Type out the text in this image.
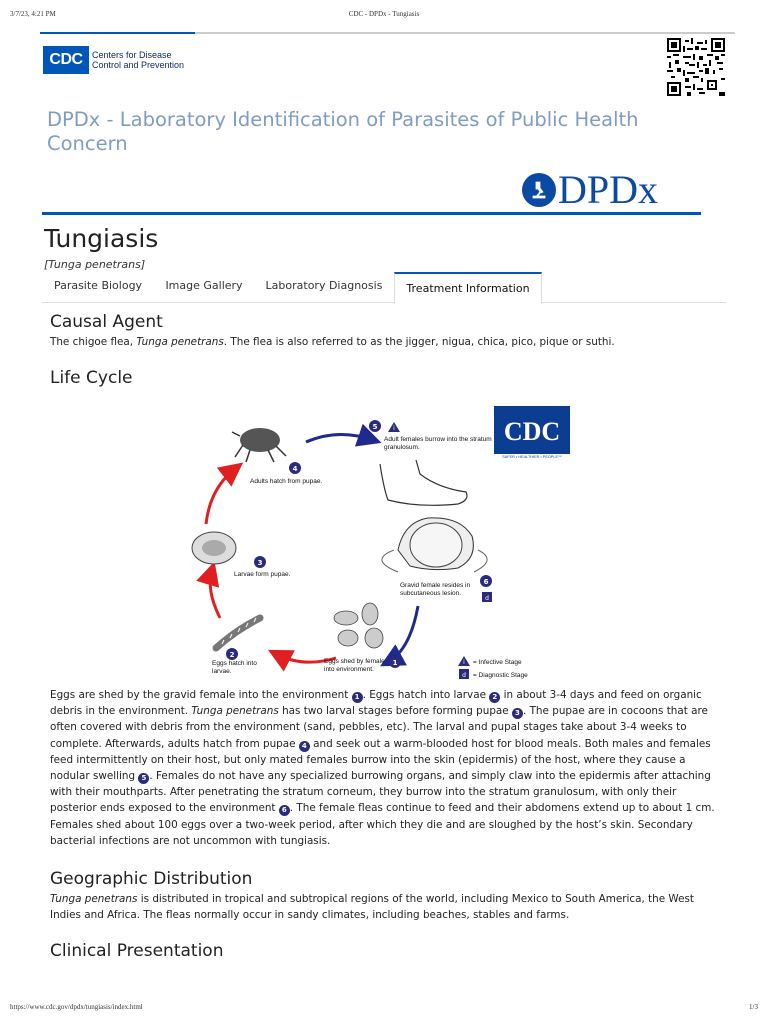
3/7/23, 4:21 PM	CDC - DPDx - Tungiasis
CDC	Centers for Disease
Control and Prevention
DPDx - Laboratory Identification of Parasites of Public Health Concern
DPDx
Tungiasis
[Tunga penetrans]
Parasite Biology	Image Gallery	Laboratory Diagnosis	Treatment Information
Causal Agent
The chigoe flea, Tunga penetrans. The flea is also referred to as the jigger, nigua, chica, pico, pique or suthi.
Life Cycle
4
Adults hatch from pupae.
5	i
Adult females burrow into the stratum granulosum.
CDC
SAFER • HEALTHIER • PEOPLE™
6
d
Gravid female resides in subcutaneous lesion.
2
Eggs hatch into larvae.
3
Larvae form pupae.
1
Eggs shed by female into environment.
i = Infective Stage
d = Diagnostic Stage
Eggs are shed by the gravid female into the environment 1 . Eggs hatch into larvae 2 in about 3-4 days and feed on organic debris in the environment. Tunga penetrans has two larval stages before forming pupae 3 . The pupae are in cocoons that are often covered with debris from the environment (sand, pebbles, etc). The larval and pupal stages take about 3-4 weeks to complete. Afterwards, adults hatch from pupae 4 and seek out a warm-blooded host for blood meals. Both males and females feed intermittently on their host, but only mated females burrow into the skin (epidermis) of the host, where they cause a nodular swelling 5 . Females do not have any specialized burrowing organs, and simply claw into the epidermis after attaching with their mouthparts. After penetrating the stratum corneum, they burrow into the stratum granulosum, with only their posterior ends exposed to the environment 6 . The female fleas continue to feed and their abdomens extend up to about 1 cm. Females shed about 100 eggs over a two-week period, after which they die and are sloughed by the host’s skin. Secondary bacterial infections are not uncommon with tungiasis.
Geographic Distribution
Tunga penetrans is distributed in tropical and subtropical regions of the world, including Mexico to South America, the West Indies and Africa. The fleas normally occur in sandy climates, including beaches, stables and farms.
Clinical Presentation
https://www.cdc.gov/dpdx/tungiasis/index.html	1/3
